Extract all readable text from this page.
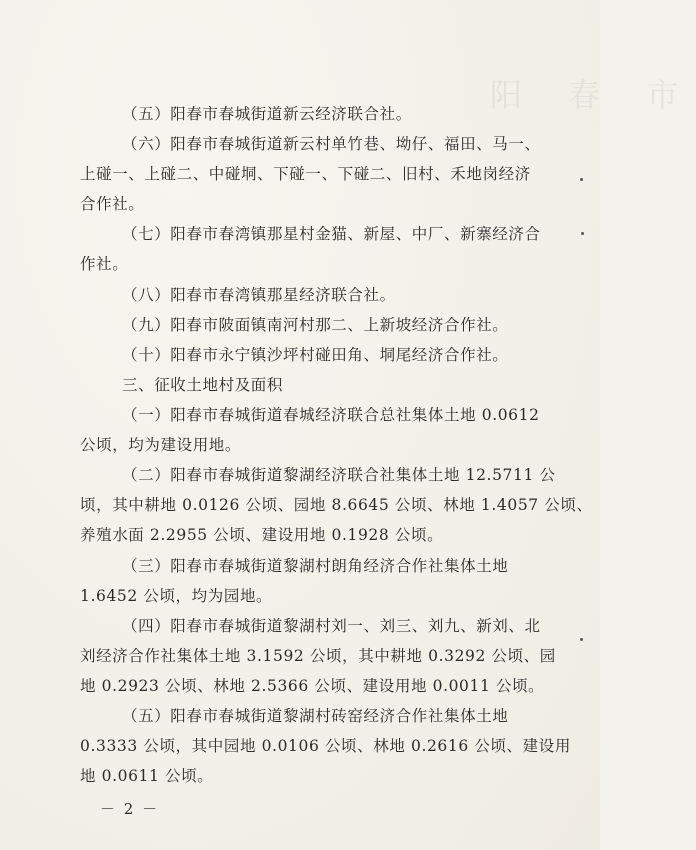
阳 春 市
（五）阳春市春城街道新云经济联合社。
（六）阳春市春城街道新云村单竹巷、坳仔、福田、马一、
上碰一、上碰二、中碰垌、下碰一、下碰二、旧村、禾地岗经济
合作社。
（七）阳春市春湾镇那星村金猫、新屋、中厂、新寨经济合
作社。
（八）阳春市春湾镇那星经济联合社。
（九）阳春市陂面镇南河村那二、上新坡经济合作社。
（十）阳春市永宁镇沙坪村碰田角、垌尾经济合作社。
三、征收土地村及面积
（一）阳春市春城街道春城经济联合总社集体土地 0.0612
公顷，均为建设用地。
（二）阳春市春城街道黎湖经济联合社集体土地 12.5711 公
顷，其中耕地 0.0126 公顷、园地 8.6645 公顷、林地 1.4057 公顷、
养殖水面 2.2955 公顷、建设用地 0.1928 公顷。
（三）阳春市春城街道黎湖村朗角经济合作社集体土地
1.6452 公顷，均为园地。
（四）阳春市春城街道黎湖村刘一、刘三、刘九、新刘、北
刘经济合作社集体土地 3.1592 公顷，其中耕地 0.3292 公顷、园
地 0.2923 公顷、林地 2.5366 公顷、建设用地 0.0011 公顷。
（五）阳春市春城街道黎湖村砖窑经济合作社集体土地
0.3333 公顷，其中园地 0.0106 公顷、林地 0.2616 公顷、建设用
地 0.0611 公顷。
－ 2 －
